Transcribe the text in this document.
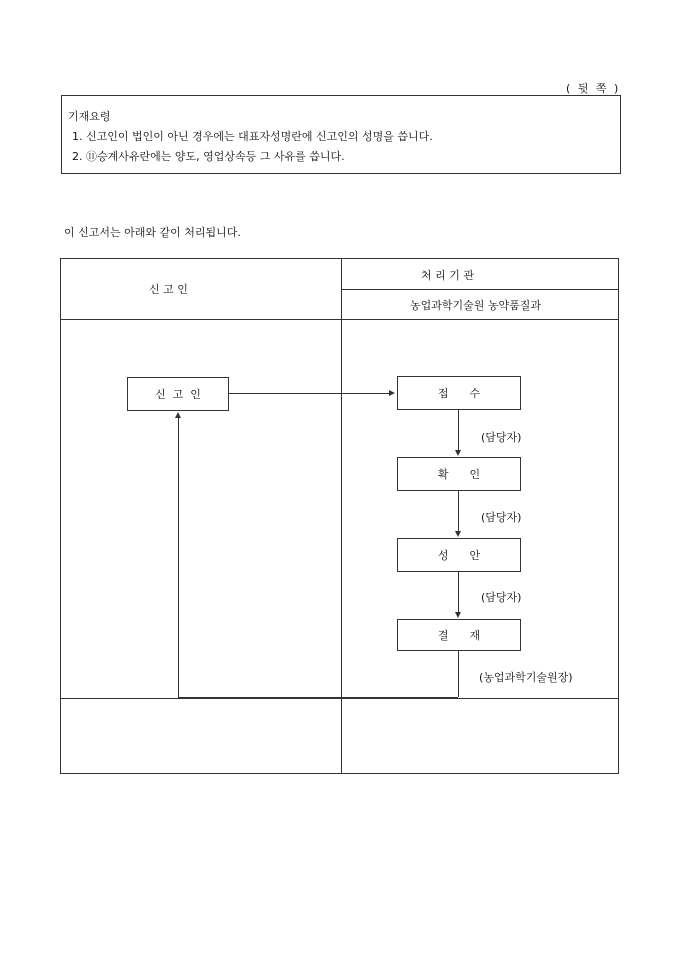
( 뒷 쪽 )
기재요령
1. 신고인이 법인이 아닌 경우에는 대표자성명란에 신고인의 성명을 씁니다.
2. ⑪승계사유란에는 양도, 영업상속등 그 사유를 씁니다.
이 신고서는 아래와 같이 처리됩니다.
신 고 인
처 리 기 관
농업과학기술원 농약품질과
신  고  인	접      수
확      인
성      안
결      재
(담당자)
(담당자)
(담당자)
(농업과학기술원장)
